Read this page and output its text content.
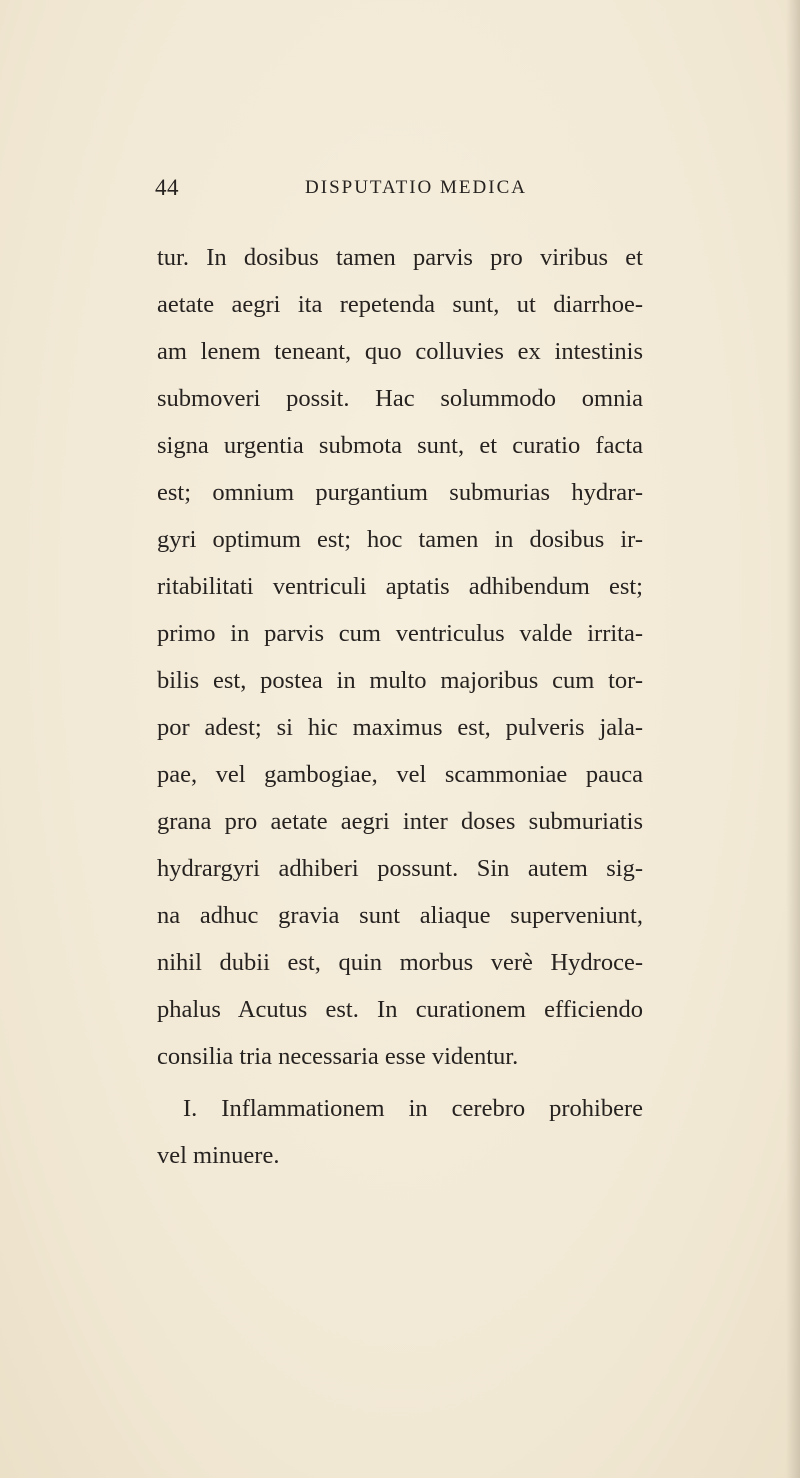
44	DISPUTATIO MEDICA
tur. In dosibus tamen parvis pro viribus et
aetate aegri ita repetenda sunt, ut diarrhoe-
am lenem teneant, quo colluvies ex intestinis
submoveri possit. Hac solummodo omnia
signa urgentia submota sunt, et curatio facta
est; omnium purgantium submurias hydrar-
gyri optimum est; hoc tamen in dosibus ir-
ritabilitati ventriculi aptatis adhibendum est;
primo in parvis cum ventriculus valde irrita-
bilis est, postea in multo majoribus cum tor-
por adest; si hic maximus est, pulveris jala-
pae, vel gambogiae, vel scammoniae pauca
grana pro aetate aegri inter doses submuriatis
hydrargyri adhiberi possunt. Sin autem sig-
na adhuc gravia sunt aliaque superveniunt,
nihil dubii est, quin morbus verè Hydroce-
phalus Acutus est. In curationem efficiendo
consilia tria necessaria esse videntur.
I. Inflammationem in cerebro prohibere
vel minuere.
